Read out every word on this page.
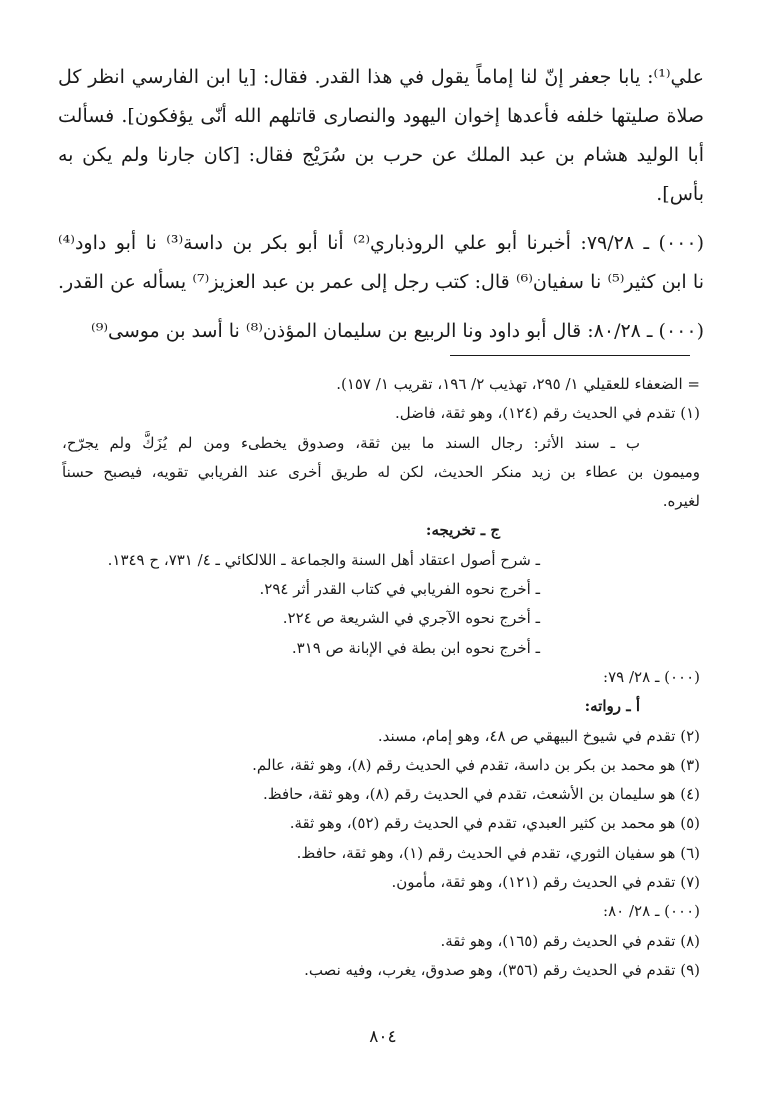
علي⁽¹⁾: يابا جعفر إنّ لنا إماماً يقول في هذا القدر. فقال: [يا ابن الفارسي انظر كل
صلاة صليتها خلفه فأعدها إخوان اليهود والنصارى قاتلهم الله أنّى يؤفكون]. فسألت
أبا الوليد هشام بن عبد الملك عن حرب بن سُرَيْج فقال: [كان جارنا ولم يكن به
بأس].
(٠٠٠) ـ ٧٩/٢٨: أخبرنا أبو علي الروذباري⁽²⁾ أنا أبو بكر بن داسة⁽³⁾ نا أبو داود⁽⁴⁾
نا ابن كثير⁽⁵⁾ نا سفيان⁽⁶⁾ قال: كتب رجل إلى عمر بن عبد العزيز⁽⁷⁾ يسأله عن القدر.
(٠٠٠) ـ ٨٠/٢٨: قال أبو داود ونا الربيع بن سليمان المؤذن⁽⁸⁾ نا أسد بن موسى⁽⁹⁾
= الضعفاء للعقيلي ١/ ٢٩٥، تهذيب ٢/ ١٩٦، تقريب ١/ ١٥٧).
(١) تقدم في الحديث رقم (١٢٤)، وهو ثقة، فاضل.
ب ـ سند الأثر: رجال السند ما بين ثقة، وصدوق يخطىء ومن لم يُزَكَّ ولم يجرّح،
وميمون بن عطاء بن زيد منكر الحديث، لكن له طريق أخرى عند الفريابي تقويه، فيصبح حسناً
لغيره.
ج ـ تخريجه:
ـ شرح أصول اعتقاد أهل السنة والجماعة ـ اللالكائي ـ ٤/ ٧٣١، ح ١٣٤٩.
ـ أخرج نحوه الفريابي في كتاب القدر أثر ٢٩٤.
ـ أخرج نحوه الآجري في الشريعة ص ٢٢٤.
ـ أخرج نحوه ابن بطة في الإبانة ص ٣١٩.
(٠٠٠) ـ ٢٨/ ٧٩:
أ ـ رواته:
(٢) تقدم في شيوخ البيهقي ص ٤٨، وهو إمام، مسند.
(٣) هو محمد بن بكر بن داسة، تقدم في الحديث رقم (٨)، وهو ثقة، عالم.
(٤) هو سليمان بن الأشعث، تقدم في الحديث رقم (٨)، وهو ثقة، حافظ.
(٥) هو محمد بن كثير العبدي، تقدم في الحديث رقم (٥٢)، وهو ثقة.
(٦) هو سفيان الثوري، تقدم في الحديث رقم (١)، وهو ثقة، حافظ.
(٧) تقدم في الحديث رقم (١٢١)، وهو ثقة، مأمون.
(٠٠٠) ـ ٢٨/ ٨٠:
(٨) تقدم في الحديث رقم (١٦٥)، وهو ثقة.
(٩) تقدم في الحديث رقم (٣٥٦)، وهو صدوق، يغرب، وفيه نصب.
٨٠٤
